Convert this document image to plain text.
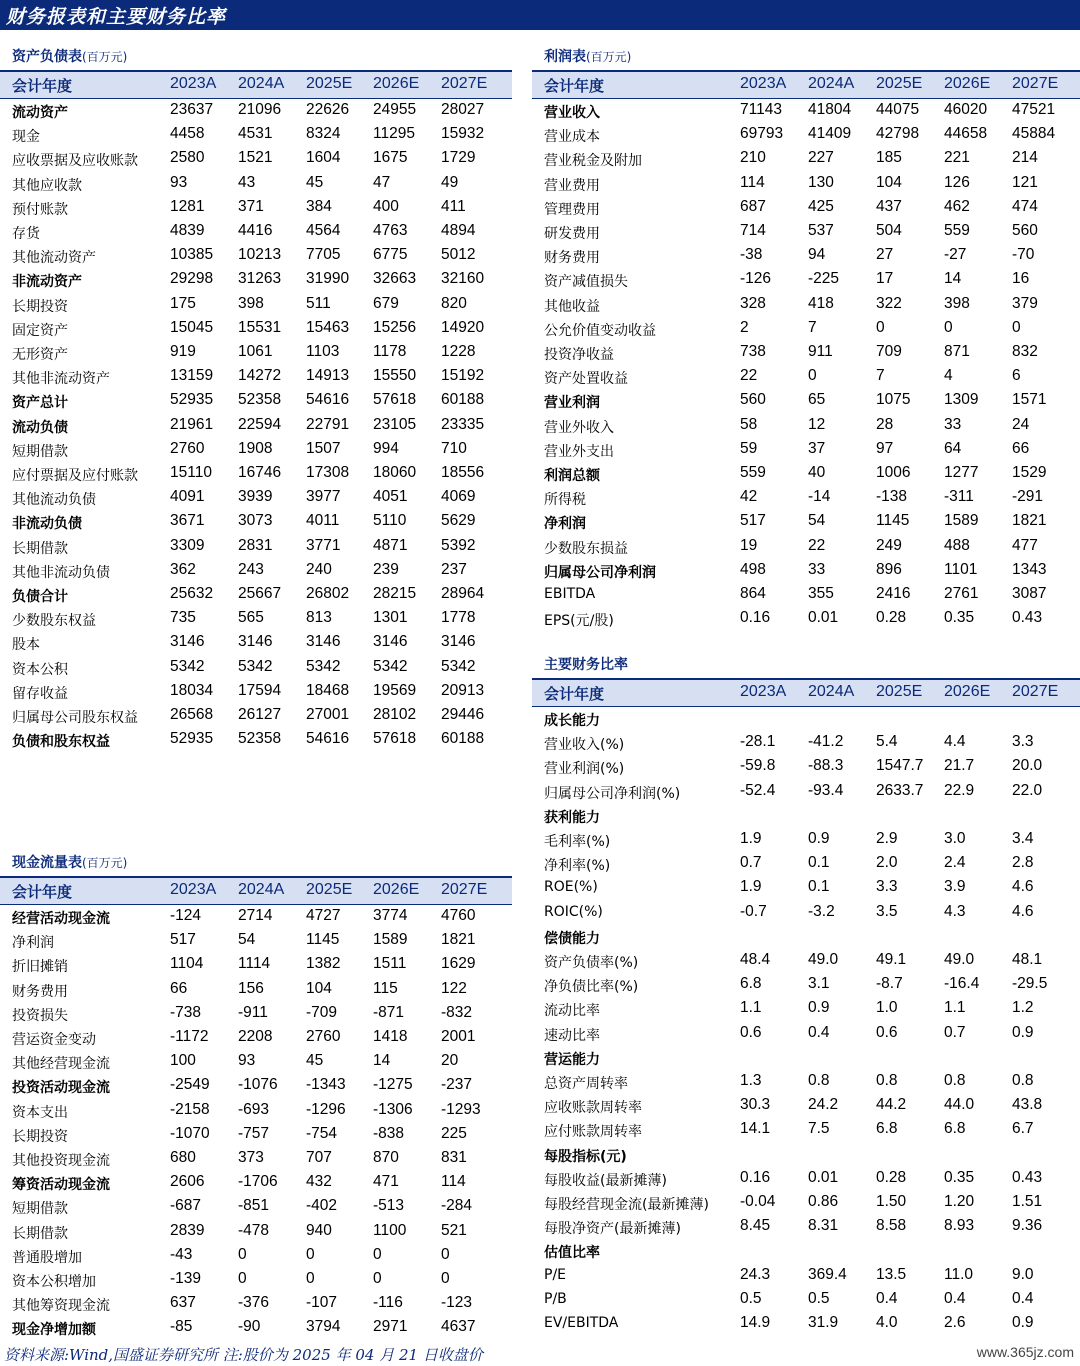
财务报表和主要财务比率
资产负债表(百万元)
会计年度	2023A 2024A 2025E 2026E 2027E
流动资产	23637 21096 22626 24955 28027
现金	4458 4531 8324 11295 15932
应收票据及应收账款 2580 1521 1604 1675 1729
其他应收款	93	43	45	47	49
预付账款	1281 371	384	400	411
存货	4839 4416 4564 4763 4894
其他流动资产	10385 10213 7705 6775 5012
非流动资产	29298 31263 31990 32663 32160
长期投资	175	398	511	679	820
固定资产	15045 15531 15463 15256 14920
无形资产	919	1061 1103 1178 1228
其他非流动资产	13159 14272 14913 15550 15192
资产总计	52935 52358 54616 57618 60188
流动负债	21961 22594 22791 23105 23335
短期借款	2760 1908 1507 994	710
应付票据及应付账款 15110 16746 17308 18060 18556
其他流动负债	4091 3939 3977 4051 4069
非流动负债	3671 3073 4011 5110 5629
长期借款	3309 2831 3771 4871 5392
其他非流动负债	362	243	240	239	237
负债合计	25632 25667 26802 28215 28964
少数股东权益	735	565	813	1301 1778
股本	3146 3146 3146 3146 3146
资本公积	5342 5342 5342 5342 5342
留存收益	18034 17594 18468 19569 20913
归属母公司股东权益 26568 26127 27001 28102 29446
负债和股东权益	52935 52358 54616 57618 60188
利润表(百万元)
会计年度	2023A 2024A 2025E 2026E 2027E
营业收入	71143 41804 44075 46020 47521
营业成本	69793 41409 42798 44658 45884
营业税金及附加	210	227	185	221	214
营业费用	114	130	104	126	121
管理费用	687	425	437	462	474
研发费用	714	537	504	559	560
财务费用	-38	94	27	-27	-70
资产减值损失	-126 -225 17	14	16
其他收益	328	418	322	398	379
公允价值变动收益	2	7	0	0	0
投资净收益	738	911	709	871	832
资产处置收益	22	0	7	4	6
营业利润	560	65	1075 1309 1571
营业外收入	58	12	28	33	24
营业外支出	59	37	97	64	66
利润总额	559	40	1006 1277 1529
所得税	42	-14	-138 -311 -291
净利润	517	54	1145 1589 1821
少数股东损益	19	22	249	488	477
归属母公司净利润	498	33	896	1101 1343
EBITDA	864	355	2416 2761 3087
EPS(元/股)	0.16 0.01 0.28 0.35 0.43
现金流量表(百万元)
会计年度	2023A 2024A 2025E 2026E 2027E
经营活动现金流	-124 2714 4727 3774 4760
净利润	517	54	1145 1589 1821
折旧摊销	1104 1114 1382 1511 1629
财务费用	66	156	104	115	122
投资损失	-738 -911 -709 -871 -832
营运资金变动	-1172 2208 2760 1418 2001
其他经营现金流	100	93	45	14	20
投资活动现金流	-2549 -1076 -1343 -1275 -237
资本支出	-2158 -693 -1296 -1306 -1293
长期投资	-1070 -757 -754 -838 225
其他投资现金流	680	373	707	870	831
筹资活动现金流	2606 -1706 432	471	114
短期借款	-687 -851 -402 -513 -284
长期借款	2839 -478 940	1100 521
普通股增加	-43	0	0	0	0
资本公积增加	-139 0	0	0	0
其他筹资现金流	637	-376 -107 -116 -123
现金净增加额	-85	-90	3794 2971 4637
主要财务比率
会计年度	2023A 2024A 2025E 2026E 2027E
成长能力
营业收入(%)	-28.1 -41.2 5.4	4.4	3.3
营业利润(%)	-59.8 -88.3 1547.7 21.7 20.0
归属母公司净利润(%)	-52.4 -93.4 2633.7 22.9 22.0
获利能力
毛利率(%)	1.9	0.9	2.9	3.0	3.4
净利率(%)	0.7	0.1	2.0	2.4	2.8
ROE(%)	1.9	0.1	3.3	3.9	4.6
ROIC(%)	-0.7	-3.2	3.5	4.3	4.6
偿债能力
资产负债率(%)	48.4 49.0 49.1 49.0 48.1
净负债比率(%)	6.8	3.1	-8.7	-16.4 -29.5
流动比率	1.1	0.9	1.0	1.1	1.2
速动比率	0.6	0.4	0.6	0.7	0.9
营运能力
总资产周转率	1.3	0.8	0.8	0.8	0.8
应收账款周转率	30.3 24.2 44.2 44.0 43.8
应付账款周转率	14.1 7.5	6.8	6.8	6.7
每股指标(元)
每股收益(最新摊薄)	0.16 0.01 0.28 0.35 0.43
每股经营现金流(最新摊薄) -0.04 0.86 1.50 1.20 1.51
每股净资产(最新摊薄)	8.45 8.31 8.58 8.93 9.36
估值比率
P/E	24.3 369.4 13.5 11.0	9.0
P/B	0.5	0.5	0.4	0.4	0.4
EV/EBITDA	14.9 31.9 4.0	2.6	0.9
资料来源:Wind,国盛证券研究所 注:股价为 2025 年 04 月 21 日收盘价	www.365jz.com
